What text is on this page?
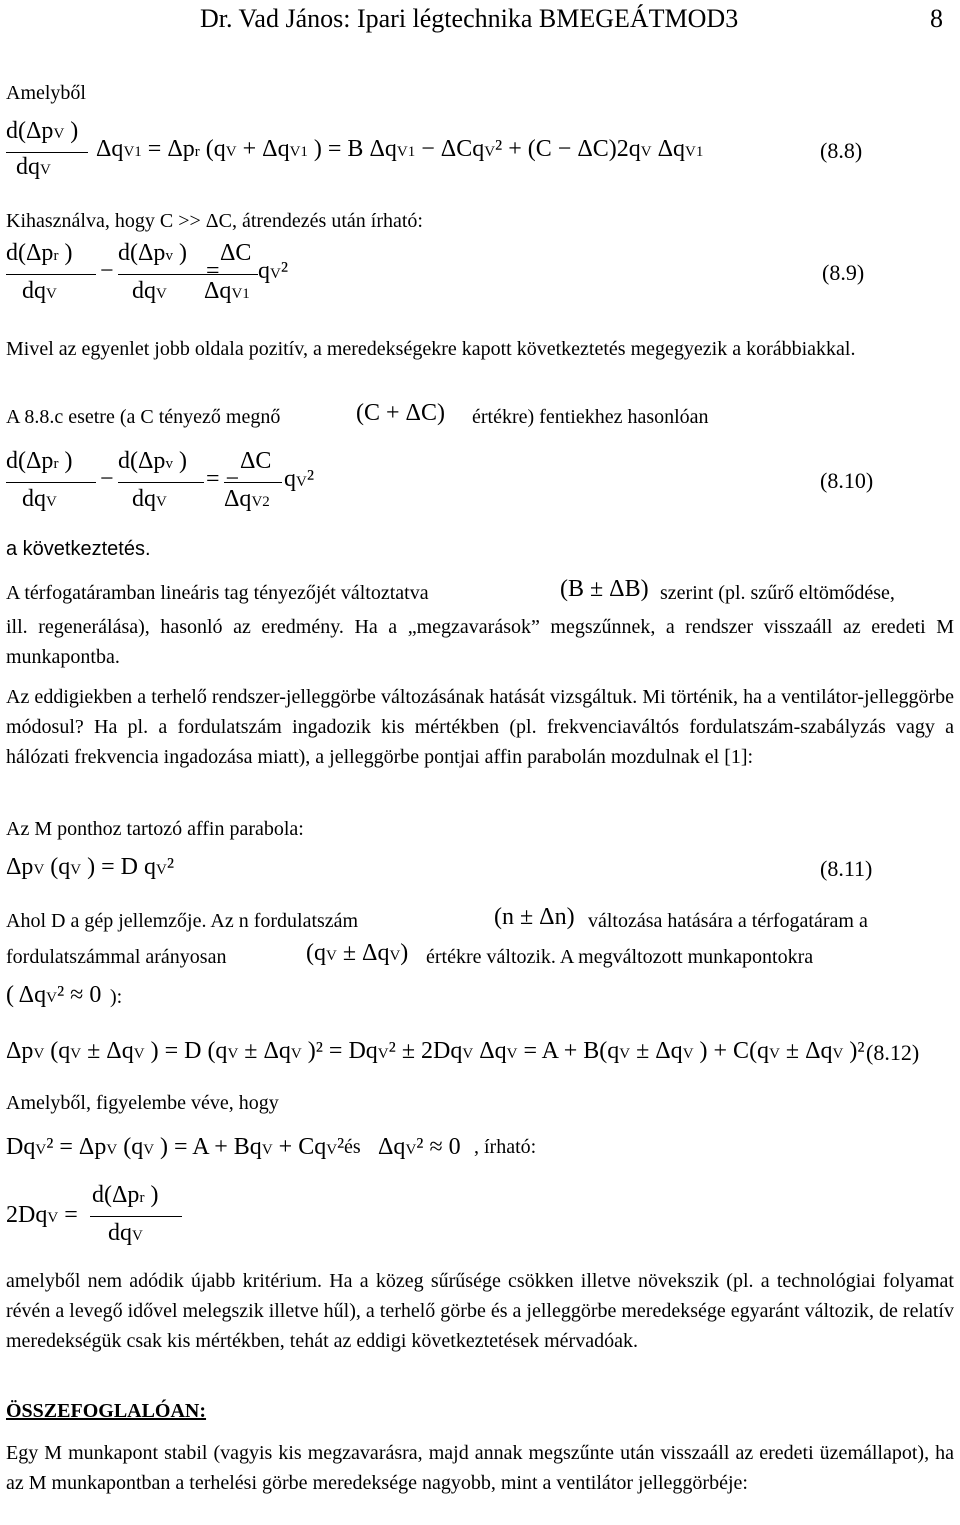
Dr. Vad János: Ipari légtechnika BMEGEÁTMOD3	8

Amelyből

d(ΔpV )
dqV
ΔqV1 = Δpr (qV + ΔqV1 ) = B ΔqV1 − ΔCqV² + (C − ΔC)2qV ΔqV1	(8.8)

Kihasználva, hogy C >> ΔC, átrendezés után írható:

d(Δpr )
dqV
−
d(Δpv )
dqV
=
ΔC
ΔqV1
qV²	(8.9)

Mivel az egyenlet jobb oldala pozitív, a meredekségekre kapott következtetés megegyezik a korábbiakkal.

A 8.8.c esetre (a C tényező megnő	(C + ΔC) értékre) fentiekhez hasonlóan
d(Δpr )
dqV
−
d(Δpv )
dqV
= −
ΔC
ΔqV2
qV²	(8.10)

a következtetés.

A térfogatáramban lineáris tag tényezőjét változtatva	(B ± ΔB) szerint (pl. szűrő eltömődése,

ill. regenerálása), hasonló az eredmény. Ha a „megzavarások” megszűnnek, a rendszer visszaáll az eredeti M munkapontba.

Az eddigiekben a terhelő rendszer-jelleggörbe változásának hatását vizsgáltuk. Mi történik, ha a ventilátor-jelleggörbe módosul? Ha pl. a fordulatszám ingadozik kis mértékben (pl. frekvenciaváltós fordulatszám-szabályzás vagy a hálózati frekvencia ingadozása miatt), a jelleggörbe pontjai affin parabolán mozdulnak el [1]:

Az M ponthoz tartozó affin parabola:

ΔpV (qV ) = D qV²	(8.11)
Ahol D a gép jellemzője. Az n fordulatszám	(n ± Δn) változása hatására a térfogatáram a
fordulatszámmal arányosan	(qV ± ΔqV) értékre változik. A megváltozott munkapontokra
( ΔqV² ≈ 0 ):
ΔpV (qV ± ΔqV ) = D (qV ± ΔqV )² = DqV² ± 2DqV ΔqV = A + B(qV ± ΔqV ) + C(qV ± ΔqV )² (8.12)

Amelyből, figyelembe véve, hogy

DqV² = ΔpV (qV ) = A + BqV + CqV² és ΔqV² ≈ 0 , írható:
2DqV =
d(Δpr )
dqV

amelyből nem adódik újabb kritérium. Ha a közeg sűrűsége csökken illetve növekszik (pl. a technológiai folyamat révén a levegő idővel melegszik illetve hűl), a terhelő görbe és a jelleggörbe meredeksége egyaránt változik, de relatív meredekségük csak kis mértékben, tehát az eddigi következtetések mérvadóak.

ÖSSZEFOGLALÓAN:

Egy M munkapont stabil (vagyis kis megzavarásra, majd annak megszűnte után visszaáll az eredeti üzemállapot), ha az M munkapontban a terhelési görbe meredeksége nagyobb, mint a ventilátor jelleggörbéje:
